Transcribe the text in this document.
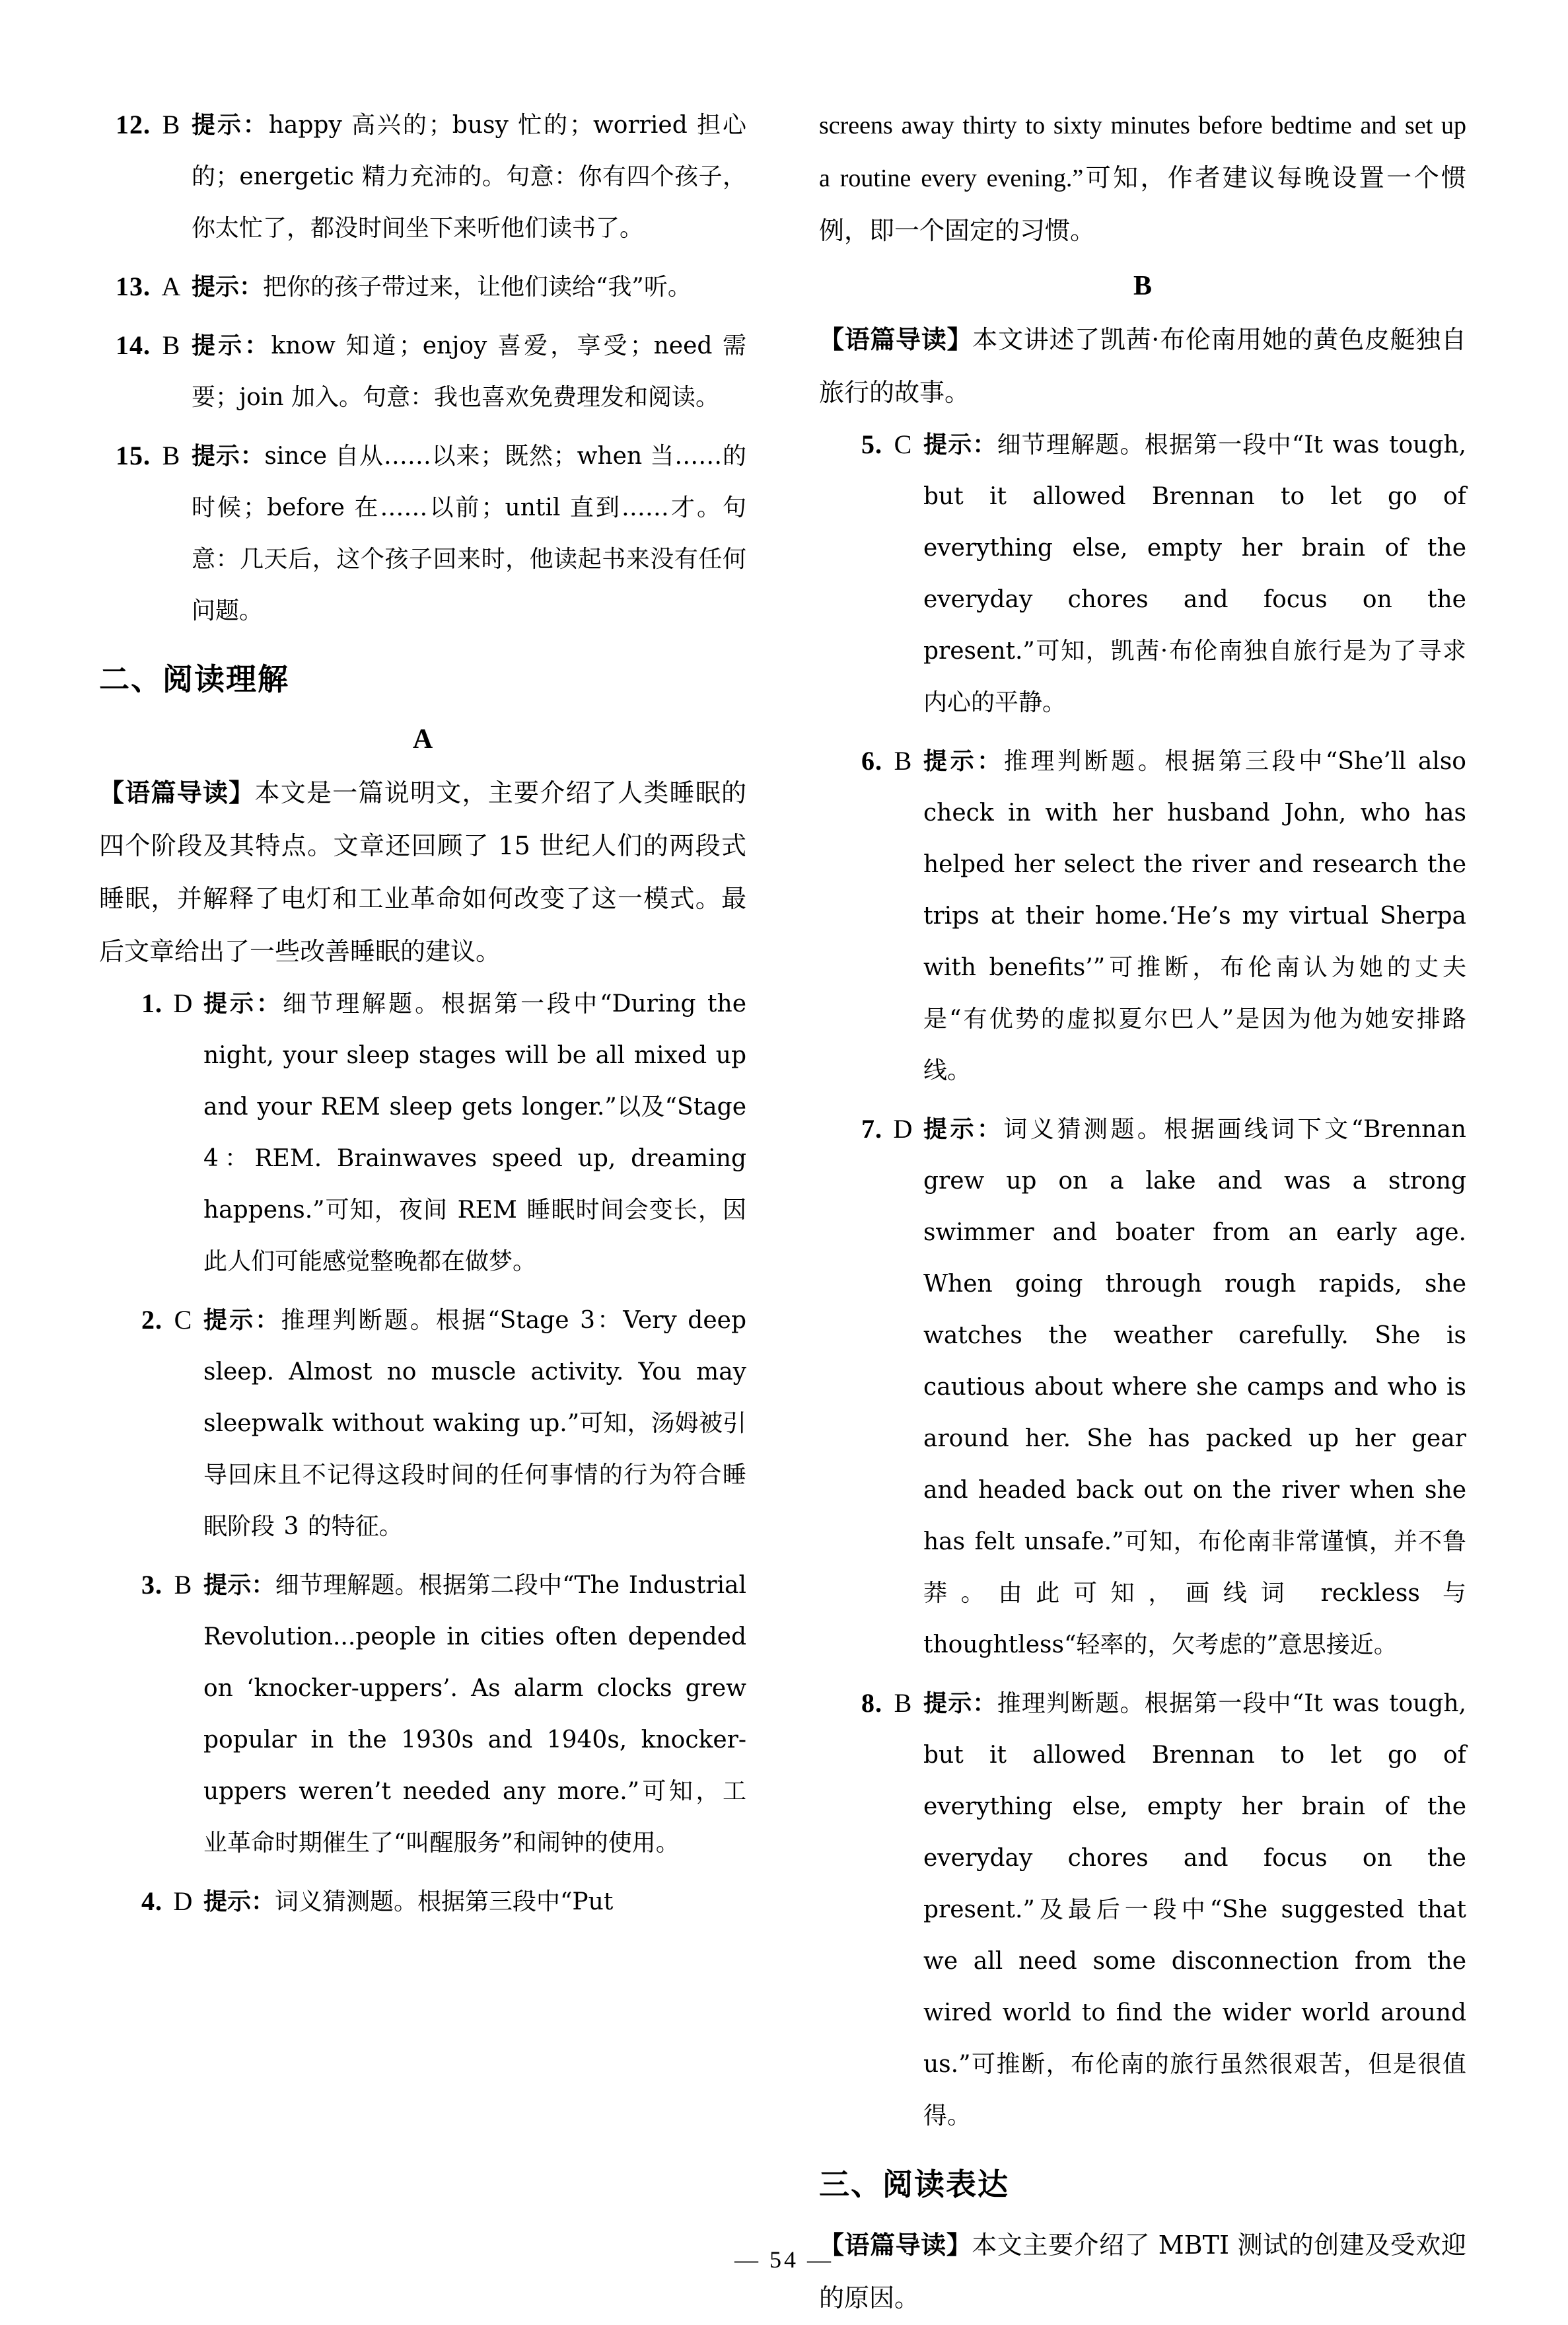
12. B 提示：happy 高兴的；busy 忙的；worried 担心的；energetic 精力充沛的。句意：你有四个孩子，你太忙了，都没时间坐下来听他们读书了。
13. A 提示：把你的孩子带过来，让他们读给“我”听。
14. B 提示：know 知道；enjoy 喜爱，享受；need 需要；join 加入。句意：我也喜欢免费理发和阅读。
15. B 提示：since 自从……以来；既然；when 当……的时候；before 在……以前；until 直到……才。句意：几天后，这个孩子回来时，他读起书来没有任何问题。
二、阅读理解
A
【语篇导读】本文是一篇说明文，主要介绍了人类睡眠的四个阶段及其特点。文章还回顾了 15 世纪人们的两段式睡眠，并解释了电灯和工业革命如何改变了这一模式。最后文章给出了一些改善睡眠的建议。
1. D 提示：细节理解题。根据第一段中“During the night, your sleep stages will be all mixed up and your REM sleep gets longer.”以及“Stage 4：REM. Brainwaves speed up, dreaming happens.”可知，夜间 REM 睡眠时间会变长，因此人们可能感觉整晚都在做梦。
2. C 提示：推理判断题。根据“Stage 3：Very deep sleep. Almost no muscle activity. You may sleepwalk without waking up.”可知，汤姆被引导回床且不记得这段时间的任何事情的行为符合睡眠阶段 3 的特征。
3. B 提示：细节理解题。根据第二段中“The Industrial Revolution...people in cities often depended on ‘knocker-uppers’. As alarm clocks grew popular in the 1930s and 1940s, knocker-uppers weren’t needed any more.”可知，工业革命时期催生了“叫醒服务”和闹钟的使用。
4. D 提示：词义猜测题。根据第三段中“Put
screens away thirty to sixty minutes before bedtime and set up a routine every evening.”可知，作者建议每晚设置一个惯例，即一个固定的习惯。
B
【语篇导读】本文讲述了凯茜·布伦南用她的黄色皮艇独自旅行的故事。
5. C 提示：细节理解题。根据第一段中“It was tough, but it allowed Brennan to let go of everything else, empty her brain of the everyday chores and focus on the present.”可知，凯茜·布伦南独自旅行是为了寻求内心的平静。
6. B 提示：推理判断题。根据第三段中“She’ll also check in with her husband John, who has helped her select the river and research the trips at their home.‘He’s my virtual Sherpa with benefits’”可推断，布伦南认为她的丈夫是“有优势的虚拟夏尔巴人”是因为他为她安排路线。
7. D 提示：词义猜测题。根据画线词下文“Brennan grew up on a lake and was a strong swimmer and boater from an early age. When going through rough rapids, she watches the weather carefully. She is cautious about where she camps and who is around her. She has packed up her gear and headed back out on the river when she has felt unsafe.”可知，布伦南非常谨慎，并不鲁莽。由此可知，画线词 reckless 与 thoughtless“轻率的，欠考虑的”意思接近。
8. B 提示：推理判断题。根据第一段中“It was tough, but it allowed Brennan to let go of everything else, empty her brain of the everyday chores and focus on the present.”及最后一段中“She suggested that we all need some disconnection from the wired world to find the wider world around us.”可推断，布伦南的旅行虽然很艰苦，但是很值得。
三、阅读表达
【语篇导读】本文主要介绍了 MBTI 测试的创建及受欢迎的原因。
— 54 —
